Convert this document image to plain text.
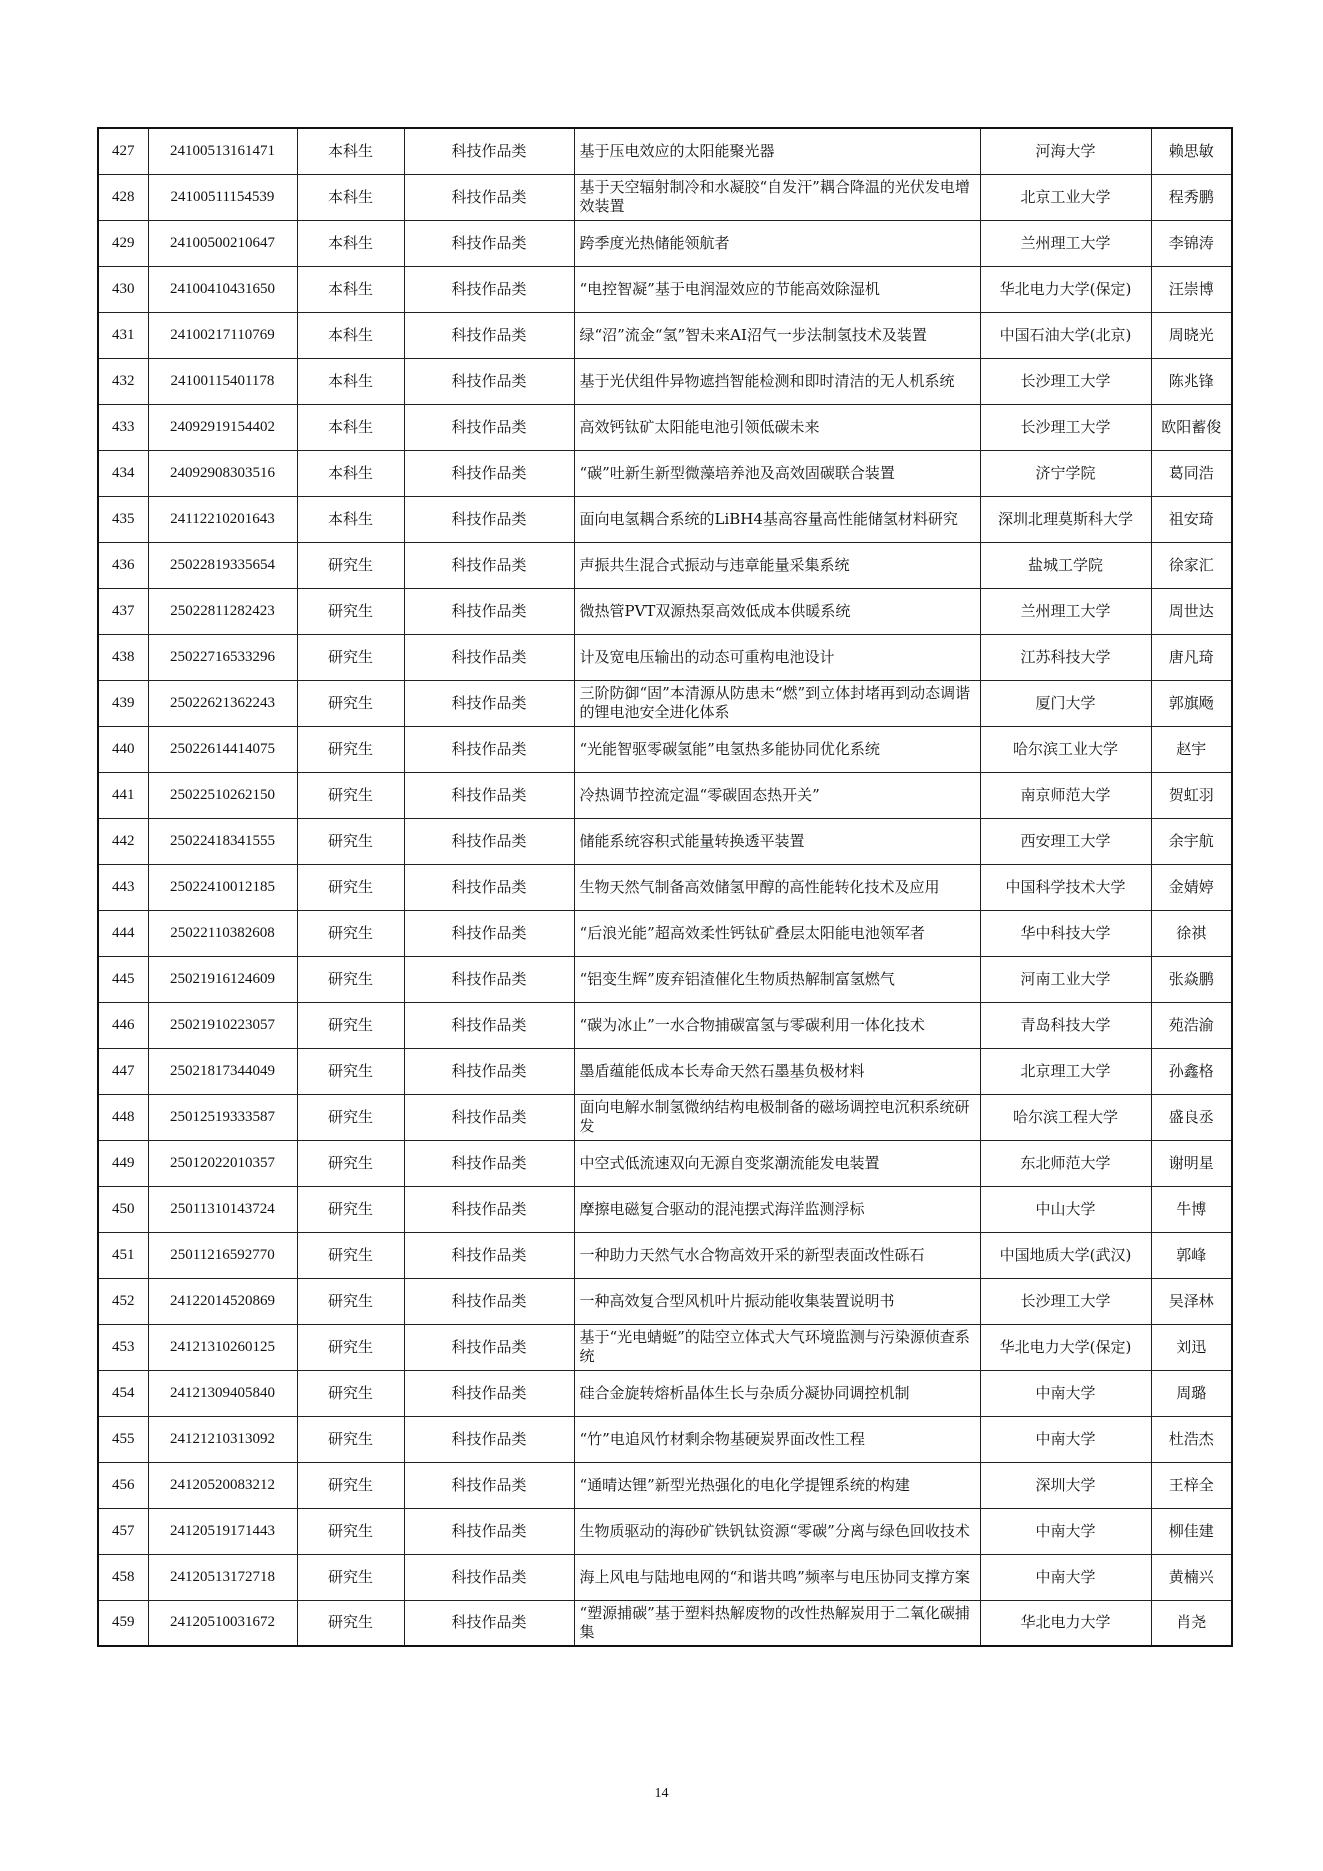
427	24100513161471	本科生	科技作品类	基于压电效应的太阳能聚光器	河海大学	赖思敏
428	24100511154539	本科生	科技作品类	基于天空辐射制冷和水凝胶“自发汗”耦合降温的光伏发电增效装置	北京工业大学	程秀鹏
429	24100500210647	本科生	科技作品类	跨季度光热储能领航者	兰州理工大学	李锦涛
430	24100410431650	本科生	科技作品类	“电控智凝”基于电润湿效应的节能高效除湿机	华北电力大学(保定)	汪崇博
431	24100217110769	本科生	科技作品类	绿“沼”流金“氢”智未来AI沼气一步法制氢技术及装置	中国石油大学(北京)	周晓光
432	24100115401178	本科生	科技作品类	基于光伏组件异物遮挡智能检测和即时清洁的无人机系统	长沙理工大学	陈兆锋
433	24092919154402	本科生	科技作品类	高效钙钛矿太阳能电池引领低碳未来	长沙理工大学	欧阳蓄俊
434	24092908303516	本科生	科技作品类	“碳”吐新生新型微藻培养池及高效固碳联合装置	济宁学院	葛同浩
435	24112210201643	本科生	科技作品类	面向电氢耦合系统的LiBH4基高容量高性能储氢材料研究	深圳北理莫斯科大学	祖安琦
436	25022819335654	研究生	科技作品类	声振共生混合式振动与违章能量采集系统	盐城工学院	徐家汇
437	25022811282423	研究生	科技作品类	微热管PVT双源热泵高效低成本供暖系统	兰州理工大学	周世达
438	25022716533296	研究生	科技作品类	计及宽电压输出的动态可重构电池设计	江苏科技大学	唐凡琦
439	25022621362243	研究生	科技作品类	三阶防御“固”本清源从防患未“燃”到立体封堵再到动态调谐的锂电池安全进化体系	厦门大学	郭旗飏
440	25022614414075	研究生	科技作品类	“光能智驱零碳氢能”电氢热多能协同优化系统	哈尔滨工业大学	赵宇
441	25022510262150	研究生	科技作品类	冷热调节控流定温“零碳固态热开关”	南京师范大学	贺虹羽
442	25022418341555	研究生	科技作品类	储能系统容积式能量转换透平装置	西安理工大学	余宇航
443	25022410012185	研究生	科技作品类	生物天然气制备高效储氢甲醇的高性能转化技术及应用	中国科学技术大学	金婧婷
444	25022110382608	研究生	科技作品类	“后浪光能”超高效柔性钙钛矿叠层太阳能电池领军者	华中科技大学	徐祺
445	25021916124609	研究生	科技作品类	“铝变生辉”废弃铝渣催化生物质热解制富氢燃气	河南工业大学	张焱鹏
446	25021910223057	研究生	科技作品类	“碳为冰止”一水合物捕碳富氢与零碳利用一体化技术	青岛科技大学	苑浩渝
447	25021817344049	研究生	科技作品类	墨盾蕴能低成本长寿命天然石墨基负极材料	北京理工大学	孙鑫格
448	25012519333587	研究生	科技作品类	面向电解水制氢微纳结构电极制备的磁场调控电沉积系统研发	哈尔滨工程大学	盛良丞
449	25012022010357	研究生	科技作品类	中空式低流速双向无源自变浆潮流能发电装置	东北师范大学	谢明星
450	25011310143724	研究生	科技作品类	摩擦电磁复合驱动的混沌摆式海洋监测浮标	中山大学	牛博
451	25011216592770	研究生	科技作品类	一种助力天然气水合物高效开采的新型表面改性砾石	中国地质大学(武汉)	郭峰
452	24122014520869	研究生	科技作品类	一种高效复合型风机叶片振动能收集装置说明书	长沙理工大学	吴泽林
453	24121310260125	研究生	科技作品类	基于“光电蜻蜓”的陆空立体式大气环境监测与污染源侦查系统	华北电力大学(保定)	刘迅
454	24121309405840	研究生	科技作品类	硅合金旋转熔析晶体生长与杂质分凝协同调控机制	中南大学	周璐
455	24121210313092	研究生	科技作品类	“竹”电追风竹材剩余物基硬炭界面改性工程	中南大学	杜浩杰
456	24120520083212	研究生	科技作品类	“通晴达锂”新型光热强化的电化学提锂系统的构建	深圳大学	王梓全
457	24120519171443	研究生	科技作品类	生物质驱动的海砂矿铁钒钛资源“零碳”分离与绿色回收技术	中南大学	柳佳建
458	24120513172718	研究生	科技作品类	海上风电与陆地电网的“和谐共鸣”频率与电压协同支撑方案	中南大学	黄楠兴
459	24120510031672	研究生	科技作品类	“塑源捕碳”基于塑料热解废物的改性热解炭用于二氧化碳捕集	华北电力大学	肖尧
14
